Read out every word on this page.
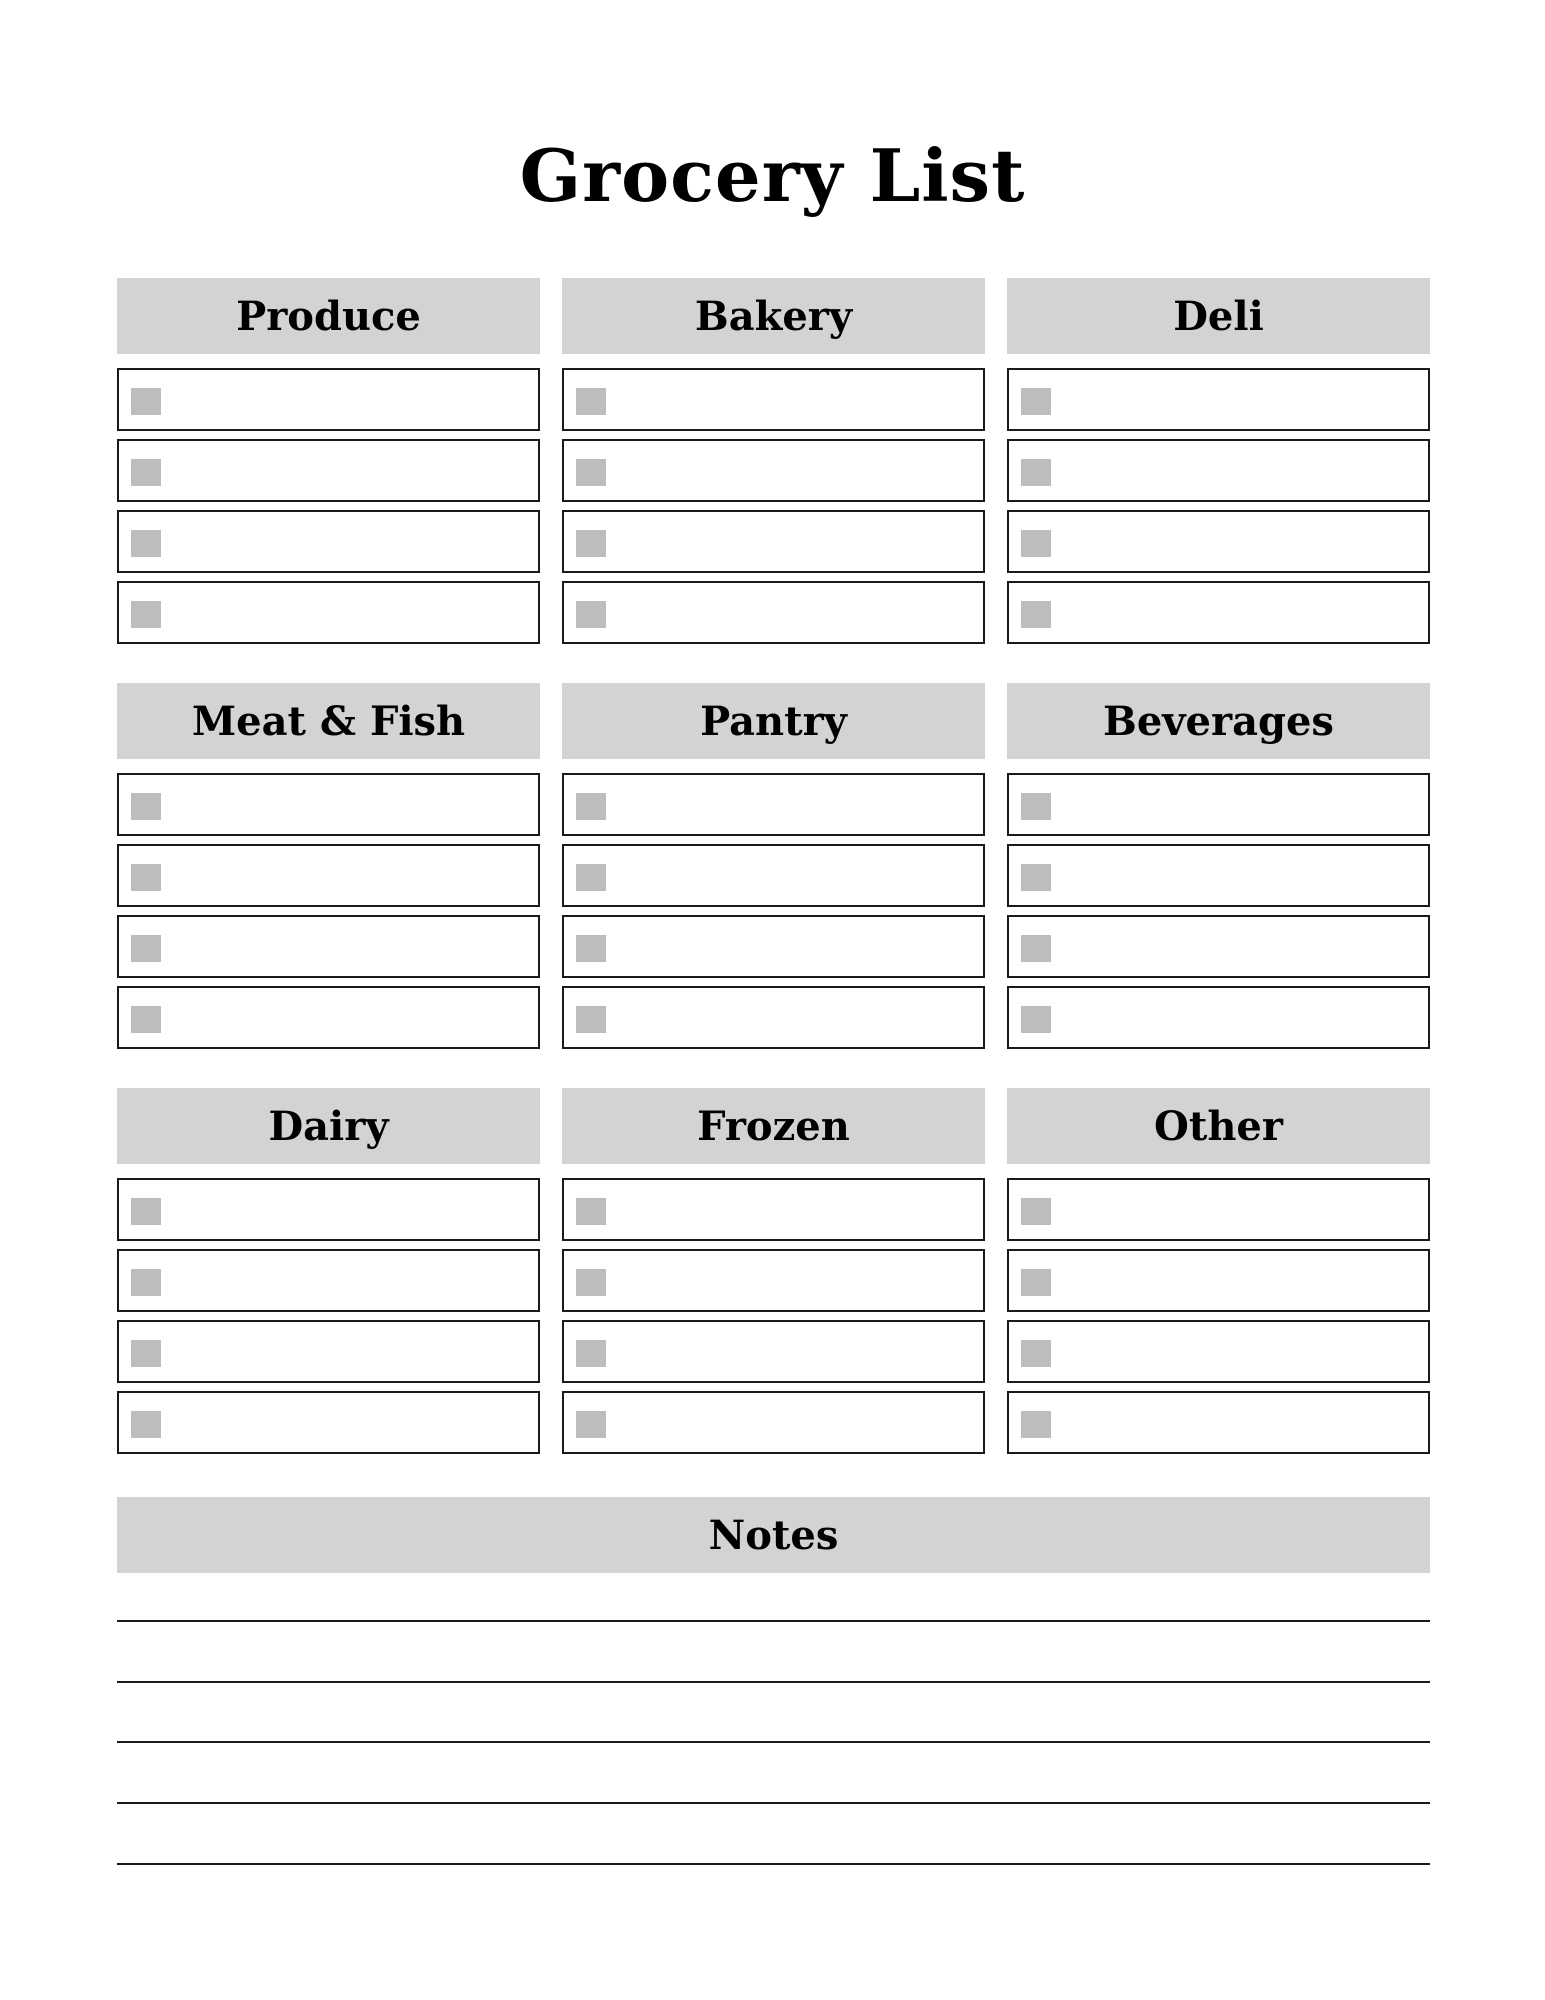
Grocery List
Produce	Bakery	Deli
Meat & Fish	Pantry	Beverages
Dairy	Frozen	Other
Notes
